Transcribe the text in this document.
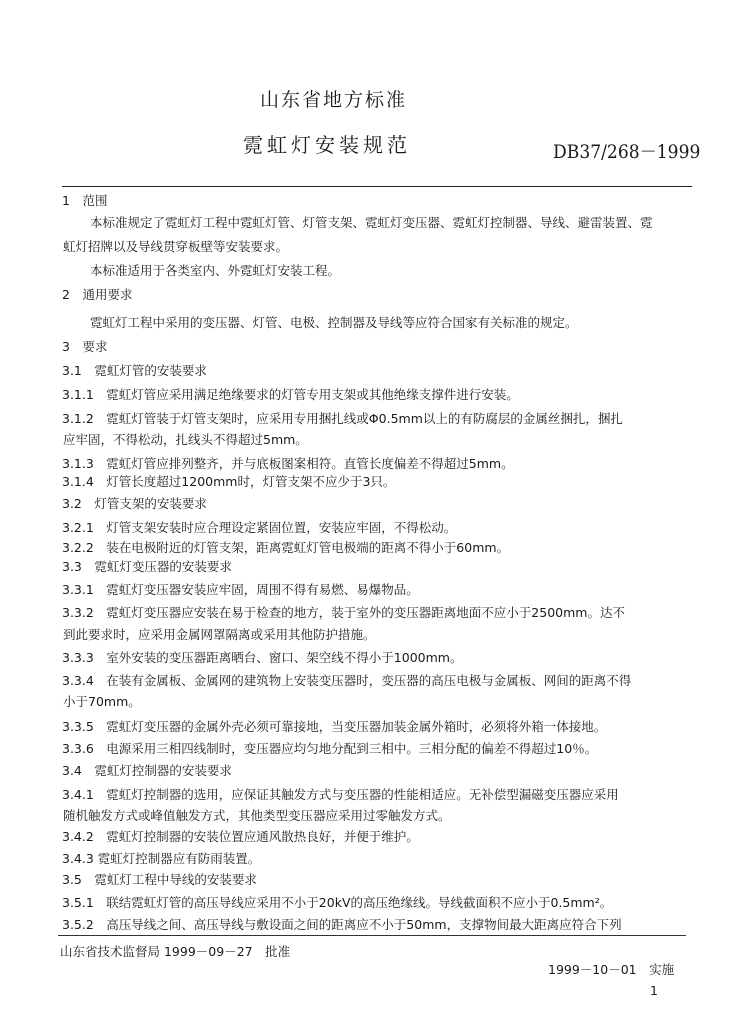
山东省地方标准
霓虹灯安装规范	DB37/268－1999
1　范围
本标准规定了霓虹灯工程中霓虹灯管、灯管支架、霓虹灯变压器、霓虹灯控制器、导线、避雷装置、霓
虹灯招牌以及导线贯穿板壁等安装要求。
本标准适用于各类室内、外霓虹灯安装工程。
2　通用要求
霓虹灯工程中采用的变压器、灯管、电极、控制器及导线等应符合国家有关标准的规定。
3　要求
3.1　霓虹灯管的安装要求
3.1.1　霓虹灯管应采用满足绝缘要求的灯管专用支架或其他绝缘支撑件进行安装。
3.1.2　霓虹灯管装于灯管支架时，应采用专用捆扎线或Φ0.5mm以上的有防腐层的金属丝捆扎，捆扎
应牢固，不得松动，扎线头不得超过5mm。
3.1.3　霓虹灯管应排列整齐，并与底板图案相符。直管长度偏差不得超过5mm。
3.1.4　灯管长度超过1200mm时，灯管支架不应少于3只。
3.2　灯管支架的安装要求
3.2.1　灯管支架安装时应合理设定紧固位置，安装应牢固，不得松动。
3.2.2　装在电极附近的灯管支架，距离霓虹灯管电极端的距离不得小于60mm。
3.3　霓虹灯变压器的安装要求
3.3.1　霓虹灯变压器安装应牢固，周围不得有易燃、易爆物品。
3.3.2　霓虹灯变压器应安装在易于检查的地方，装于室外的变压器距离地面不应小于2500mm。达不
到此要求时，应采用金属网罩隔离或采用其他防护措施。
3.3.3　室外安装的变压器距离晒台、窗口、架空线不得小于1000mm。
3.3.4　在装有金属板、金属网的建筑物上安装变压器时，变压器的高压电极与金属板、网间的距离不得
小于70mm。
3.3.5　霓虹灯变压器的金属外壳必须可靠接地，当变压器加装金属外箱时，必须将外箱一体接地。
3.3.6　电源采用三相四线制时，变压器应均匀地分配到三相中。三相分配的偏差不得超过10％。
3.4　霓虹灯控制器的安装要求
3.4.1　霓虹灯控制器的选用，应保证其触发方式与变压器的性能相适应。无补偿型漏磁变压器应采用
随机触发方式或峰值触发方式，其他类型变压器应采用过零触发方式。
3.4.2　霓虹灯控制器的安装位置应通风散热良好，并便于维护。
3.4.3 霓虹灯控制器应有防雨装置。
3.5　霓虹灯工程中导线的安装要求
3.5.1　联结霓虹灯管的高压导线应采用不小于20kV的高压绝缘线。导线截面积不应小于0.5mm²。
3.5.2　高压导线之间、高压导线与敷设面之间的距离应不小于50mm，支撑物间最大距离应符合下列
山东省技术监督局 1999－09－27　批准
1999－10－01　实施
1
